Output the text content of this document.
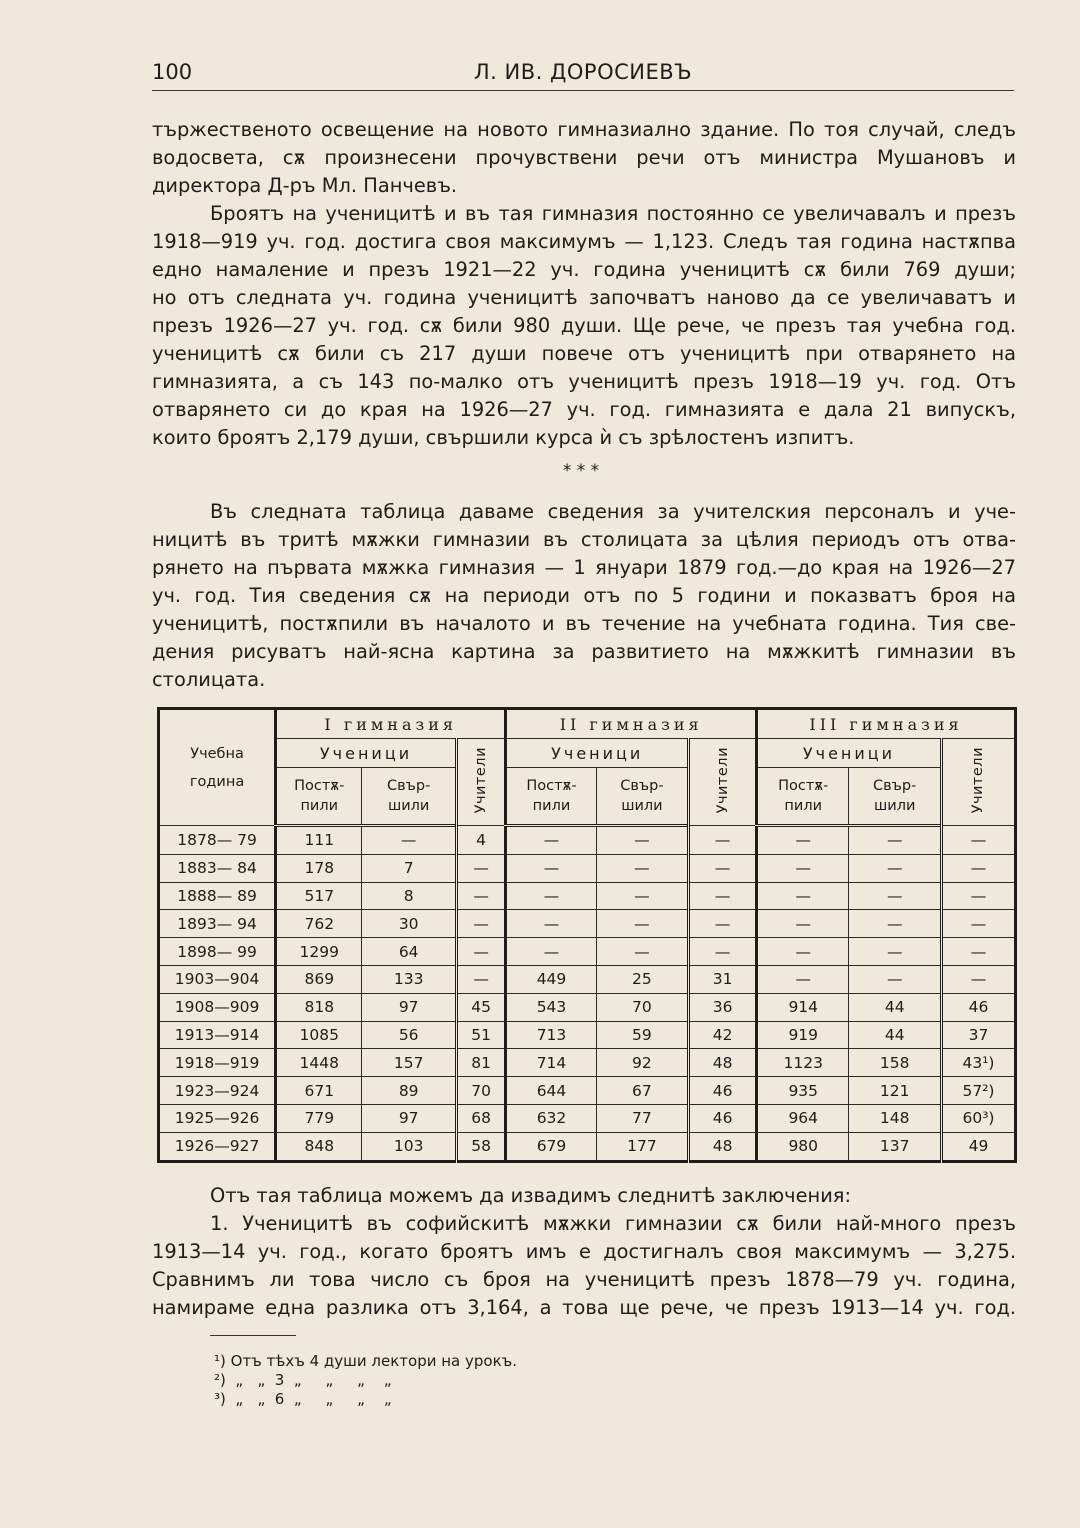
100	Л. ИВ. ДОРОСИЕВЪ
тържественото освещение на новото гимназиално здание. По тоя случай, следъ
водосвета, сѫ произнесени прочувствени речи отъ министра Мушановъ и
директора Д-ръ Мл. Панчевъ.
Броятъ на ученицитѣ и въ тая гимназия постоянно се увеличавалъ и презъ
1918—919 уч. год. достига своя максимумъ — 1,123. Следъ тая година настѫпва
едно намаление и презъ 1921—22 уч. година ученицитѣ сѫ били 769 души;
но отъ следната уч. година ученицитѣ започватъ наново да се увеличаватъ и
презъ 1926—27 уч. год. сѫ били 980 души. Ще рече, че презъ тая учебна год.
ученицитѣ сѫ били съ 217 души повече отъ ученицитѣ при отварянето на
гимназията, а съ 143 по-малко отъ ученицитѣ презъ 1918—19 уч. год. Отъ
отварянето си до края на 1926—27 уч. год. гимназията е дала 21 випускъ,
които броятъ 2,179 души, свършили курса ѝ съ зрѣлостенъ изпитъ.
* * *
Въ следната таблица даваме сведения за учителския персоналъ и уче-
ницитѣ въ тритѣ мѫжки гимназии въ столицата за цѣлия периодъ отъ отва-
рянето на първата мѫжка гимназия — 1 януари 1879 год.—до края на 1926—27
уч. год. Тия сведения сѫ на периоди отъ по 5 години и показватъ броя на
ученицитѣ, постѫпили въ началото и въ течение на учебната година. Тия све-
дения рисуватъ най-ясна картина за развитието на мѫжкитѣ гимназии въ
столицата.
Учебна година	I гимназия			II гимназия			III гимназия		
	Ученици		Учители	Ученици		Учители	Ученици		Учители
	Постѫ-пили	Свър-шили		Постѫ-пили	Свър-шили		Постѫ-пили	Свър-шили	
1878— 79	111	—	4	—	—	—	—	—	—
1883— 84	178	7	—	—	—	—	—	—	—
1888— 89	517	8	—	—	—	—	—	—	—
1893— 94	762	30	—	—	—	—	—	—	—
1898— 99	1299	64	—	—	—	—	—	—	—
1903—904	869	133	—	449	25	31	—	—	—
1908—909	818	97	45	543	70	36	914	44	46
1913—914	1085	56	51	713	59	42	919	44	37
1918—919	1448	157	81	714	92	48	1123	158	43¹)
1923—924	671	89	70	644	67	46	935	121	57²)
1925—926	779	97	68	632	77	46	964	148	60³)
1926—927	848	103	58	679	177	48	980	137	49
Отъ тая таблица можемъ да извадимъ следнитѣ заключения:
1. Ученицитѣ въ софийскитѣ мѫжки гимназии сѫ били най-много презъ
1913—14 уч. год., когато броятъ имъ е достигналъ своя максимумъ — 3,275.
Сравнимъ ли това число съ броя на ученицитѣ презъ 1878—79 уч. година,
намираме една разлика отъ 3,164, а това ще рече, че презъ 1913—14 уч. год.
¹) Отъ тѣхъ 4 души лектори на урокъ.
²)  „   „  3  „     „     „    „
³)  „   „  6  „     „     „    „
